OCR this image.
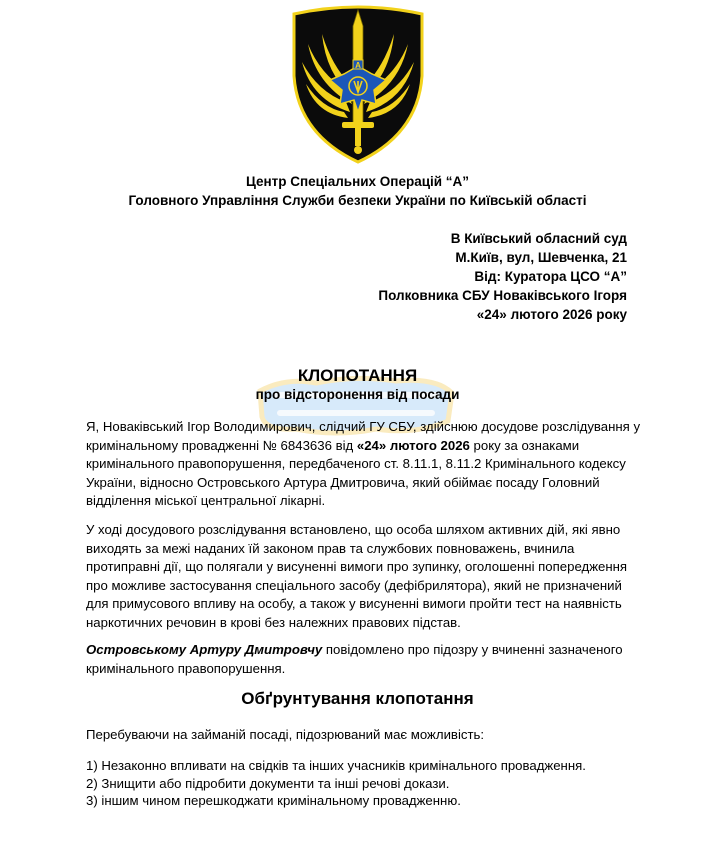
A
Центр Спеціальних Операцій “А”
Головного Управління Служби безпеки України по Київській області
В Київський обласний суд
М.Київ, вул, Шевченка, 21
Від: Куратора ЦСО “А”
Полковника СБУ Новаківського Ігоря
«24» лютого 2026 року
КЛОПОТАННЯ
про відсторонення від посади

Я, Новаківський Ігор Володимирович, слідчий ГУ СБУ, здійснюю досудове розслідування у кримінальному провадженні № 6843636 від «24» лютого 2026 року за ознаками кримінального правопорушення, передбаченого ст. 8.11.1, 8.11.2 Кримінального кодексу України, відносно Островського Артура Дмитровича, який обіймає посаду Головний відділення міської центральної лікарні.

У ході досудового розслідування встановлено, що особа шляхом активних дій, які явно виходять за межі наданих їй законом прав та службових повноважень, вчинила протиправні дії, що полягали у висуненні вимоги про зупинку, оголошенні попередження про можливе застосування спеціального засобу (дефібрилятора), який не призначений для примусового впливу на особу, а також у висуненні вимоги пройти тест на наявність наркотичних речовин в крові без належних правових підстав.

Островському Артуру Дмитровчу повідомлено про підозру у вчиненні зазначеного кримінального правопорушення.

Обґрунтування клопотання
Перебуваючи на займаній посаді, підозрюваний має можливість:
1) Незаконно впливати на свідків та інших учасників кримінального провадження.
2) Знищити або підробити документи та інші речові докази.
3) іншим чином перешкоджати кримінальному провадженню.
